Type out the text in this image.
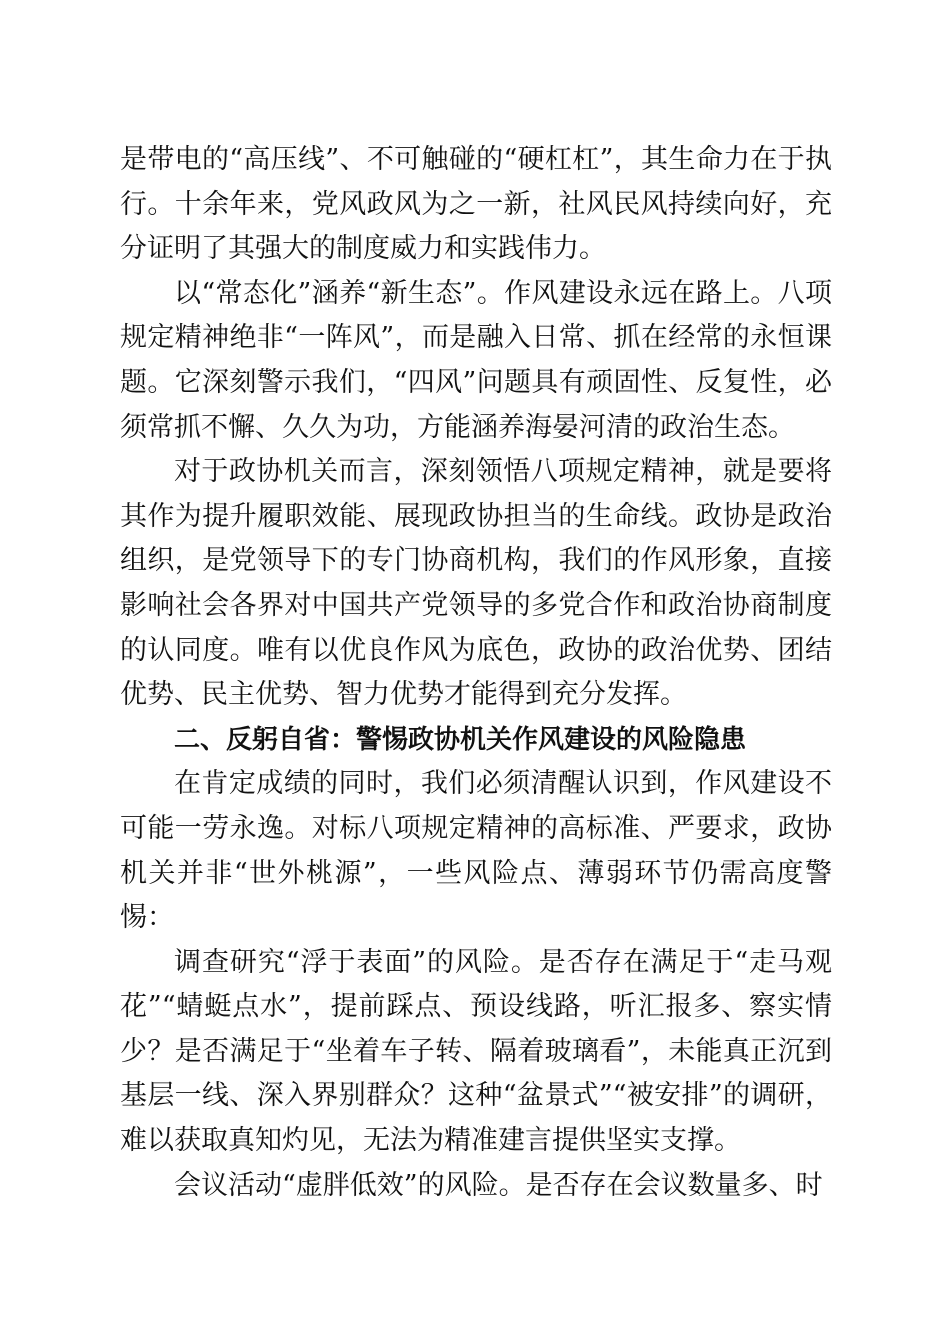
是带电的“高压线”、不可触碰的“硬杠杠”，其生命力在于执行。十余年来，党风政风为之一新，社风民风持续向好，充分证明了其强大的制度威力和实践伟力。

以“常态化”涵养“新生态”。作风建设永远在路上。八项规定精神绝非“一阵风”，而是融入日常、抓在经常的永恒课题。它深刻警示我们，“四风”问题具有顽固性、反复性，必须常抓不懈、久久为功，方能涵养海晏河清的政治生态。

对于政协机关而言，深刻领悟八项规定精神，就是要将其作为提升履职效能、展现政协担当的生命线。政协是政治组织，是党领导下的专门协商机构，我们的作风形象，直接影响社会各界对中国共产党领导的多党合作和政治协商制度的认同度。唯有以优良作风为底色，政协的政治优势、团结优势、民主优势、智力优势才能得到充分发挥。

二、反躬自省：警惕政协机关作风建设的风险隐患

在肯定成绩的同时，我们必须清醒认识到，作风建设不可能一劳永逸。对标八项规定精神的高标准、严要求，政协机关并非“世外桃源”，一些风险点、薄弱环节仍需高度警惕：

调查研究“浮于表面”的风险。是否存在满足于“走马观花”“蜻蜓点水”，提前踩点、预设线路，听汇报多、察实情少？是否满足于“坐着车子转、隔着玻璃看”，未能真正沉到基层一线、深入界别群众？这种“盆景式”“被安排”的调研，难以获取真知灼见，无法为精准建言提供坚实支撑。

会议活动“虚胖低效”的风险。是否存在会议数量多、时
